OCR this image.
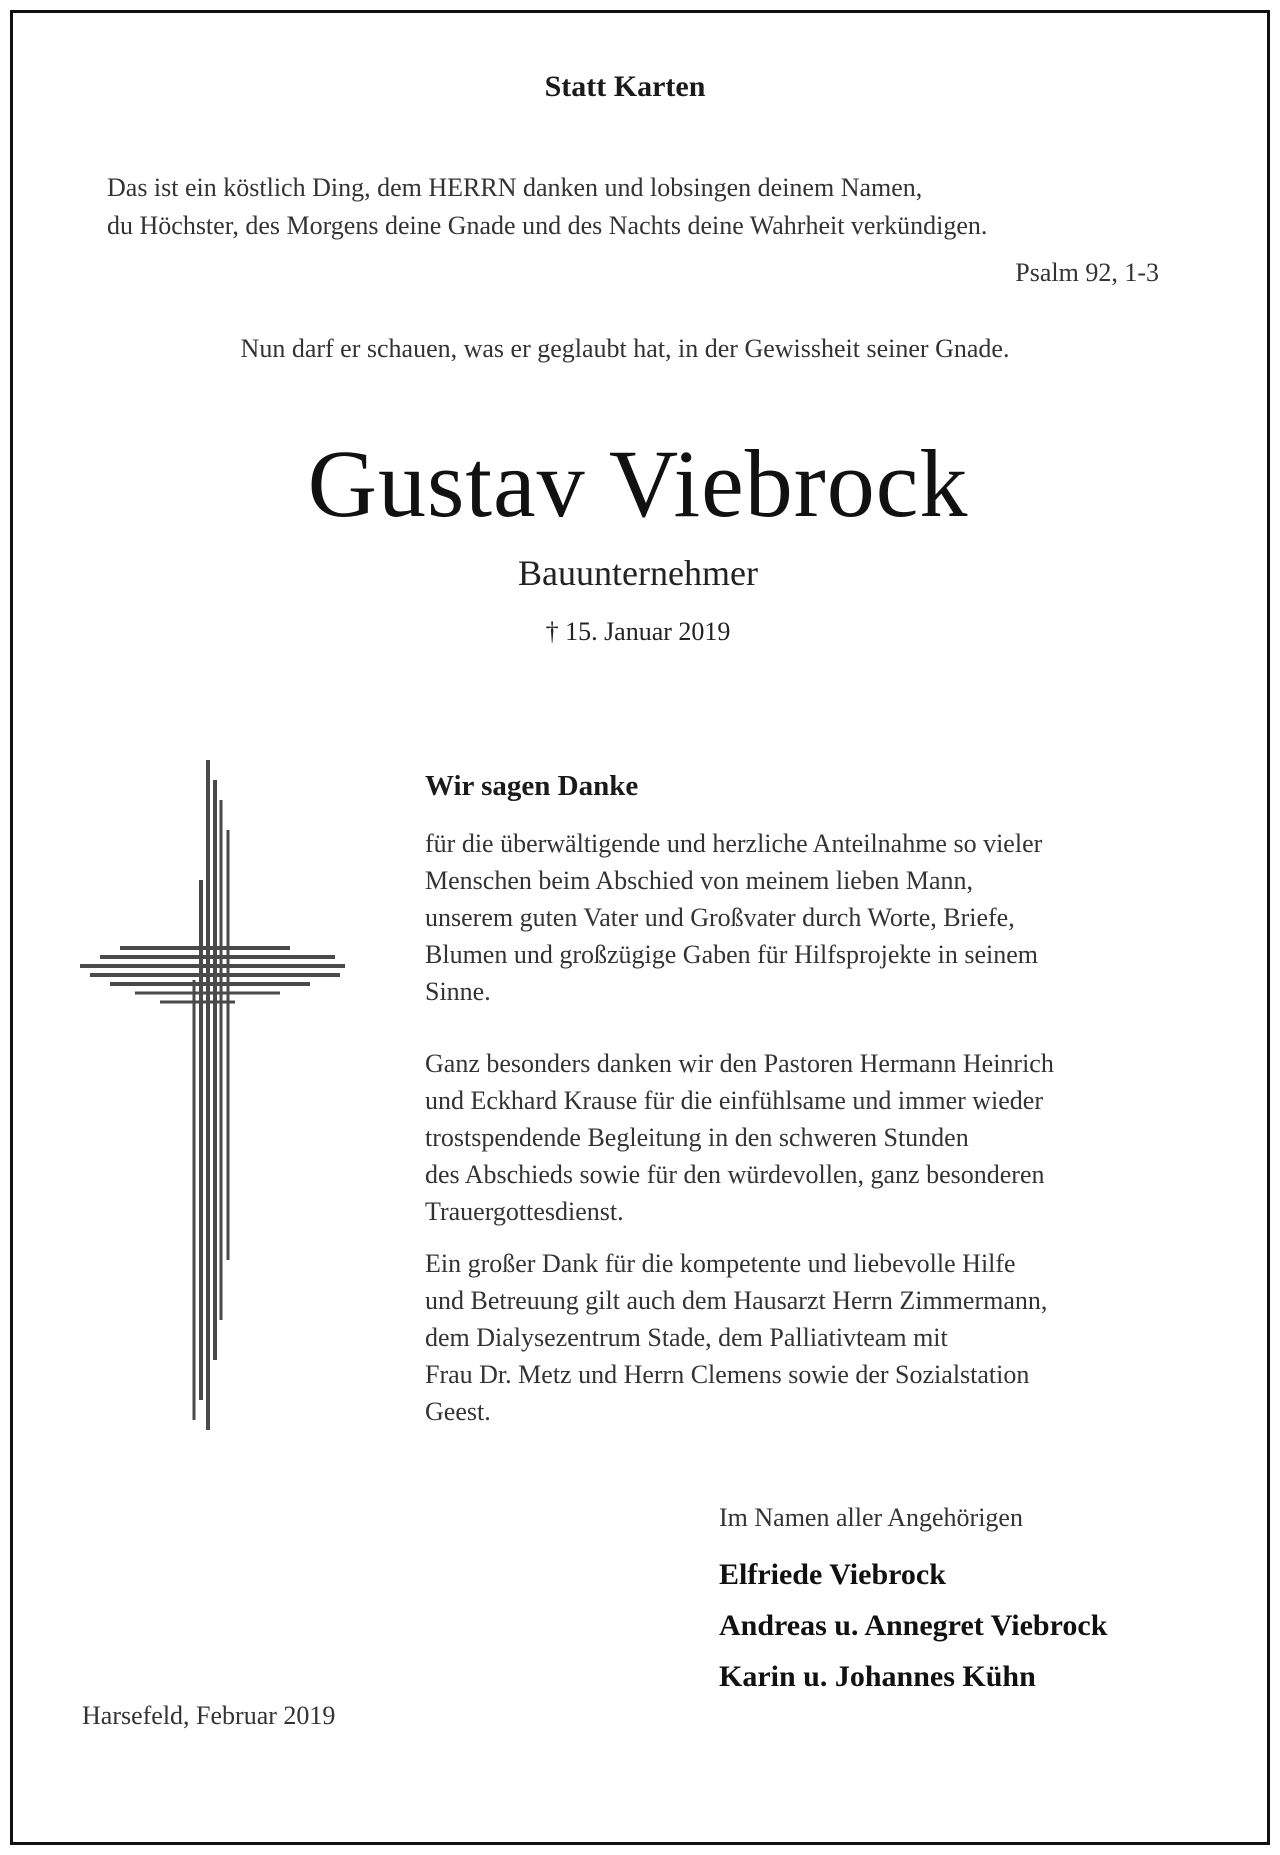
Statt Karten
Das ist ein köstlich Ding, dem HERRN danken und lobsingen deinem Namen,
du Höchster, des Morgens deine Gnade und des Nachts deine Wahrheit verkündigen.
Psalm 92, 1-3
Nun darf er schauen, was er geglaubt hat, in der Gewissheit seiner Gnade.
Gustav Viebrock
Bauunternehmer
† 15. Januar 2019
Wir sagen Danke
für die überwältigende und herzliche Anteilnahme so vieler
Menschen beim Abschied von meinem lieben Mann,
unserem guten Vater und Großvater durch Worte, Briefe,
Blumen und großzügige Gaben für Hilfsprojekte in seinem
Sinne.
Ganz besonders danken wir den Pastoren Hermann Heinrich
und Eckhard Krause für die einfühlsame und immer wieder
trostspendende Begleitung in den schweren Stunden
des Abschieds sowie für den würdevollen, ganz besonderen
Trauergottesdienst.
Ein großer Dank für die kompetente und liebevolle Hilfe
und Betreuung gilt auch dem Hausarzt Herrn Zimmermann,
dem Dialysezentrum Stade, dem Palliativteam mit
Frau Dr. Metz und Herrn Clemens sowie der Sozialstation
Geest.
Im Namen aller Angehörigen
Elfriede Viebrock
Andreas u. Annegret Viebrock
Karin u. Johannes Kühn
Harsefeld, Februar 2019
